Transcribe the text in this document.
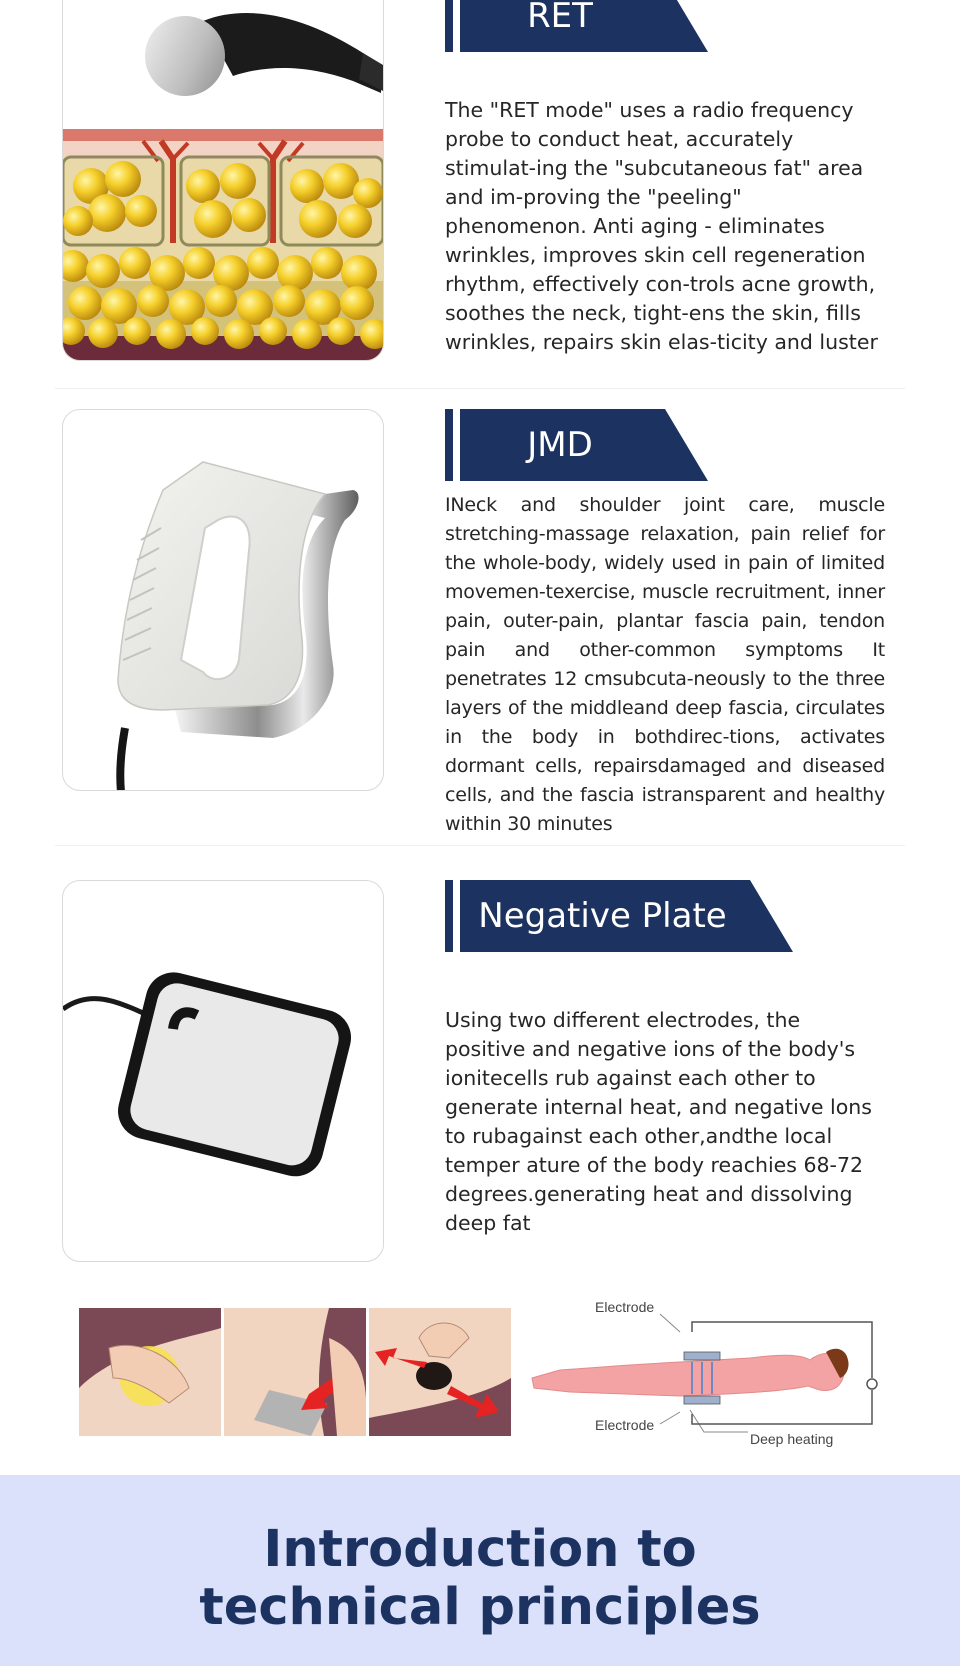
RET

The "RET mode" uses a radio frequency probe to conduct heat, accurately stimulat-ing the "subcutaneous fat" area and im-proving the "peeling" phenomenon. Anti aging - eliminates wrinkles, improves skin cell regeneration rhythm, effectively con-trols acne growth, soothes the neck, tight-ens the skin, fills wrinkles, repairs skin elas-ticity and luster

JMD

INeck and shoulder joint care, muscle stretching-massage relaxation, pain relief for the whole-body, widely used in pain of limited movemen-texercise, muscle recruitment, inner pain, outer-pain, plantar fascia pain, tendon pain and other-common symptoms It penetrates 12 cmsubcuta-neously to the three layers of the middleand deep fascia, circulates in the body in bothdirec-tions, activates dormant cells, repairsdamaged and diseased cells, and the fascia istransparent and healthy within 30 minutes

Negative Plate

Using two different electrodes, the positive and negative ions of the body's ionitecells rub against each other to generate internal heat, and negative lons to rubagainst each other,andthe local temper ature of the body reachies 68-72 degrees.generating heat and dissolving deep fat

Electrode
Electrode
Deep heating
Introduction to
technical principles
